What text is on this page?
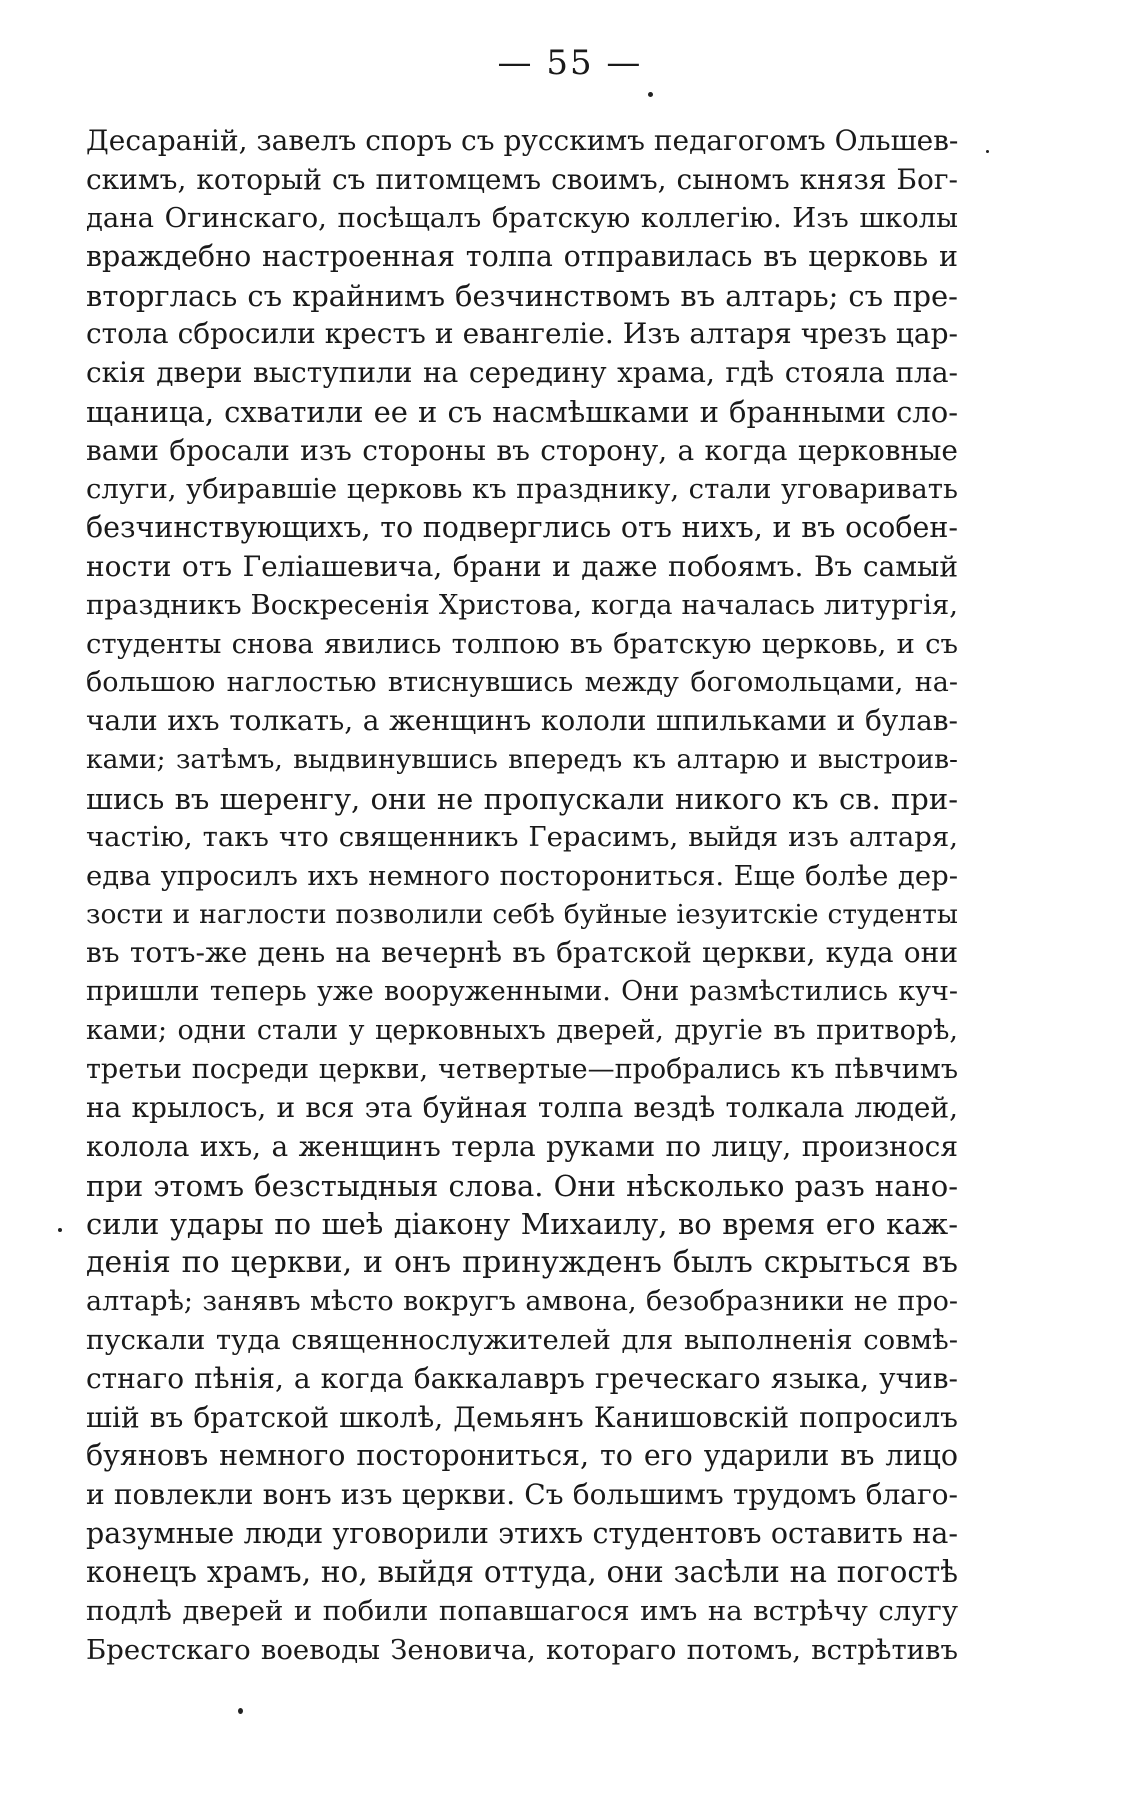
— 55 —
Десараній, завелъ споръ съ русскимъ педагогомъ Ольшев-
скимъ, который съ питомцемъ своимъ, сыномъ князя Бог-
дана Огинскаго, посѣщалъ братскую коллегію. Изъ школы
враждебно настроенная толпа отправилась въ церковь и
вторглась съ крайнимъ безчинствомъ въ алтарь; съ пре-
стола сбросили крестъ и евангеліе. Изъ алтаря чрезъ цар-
скія двери выступили на середину храма, гдѣ стояла пла-
щаница, схватили ее и съ насмѣшками и бранными сло-
вами бросали изъ стороны въ сторону, а когда церковные
слуги, убиравшіе церковь къ празднику, стали уговаривать
безчинствующихъ, то подверглись отъ нихъ, и въ особен-
ности отъ Геліашевича, брани и даже побоямъ. Въ самый
праздникъ Воскресенія Христова, когда началась литургія,
студенты снова явились толпою въ братскую церковь, и съ
большою наглостью втиснувшись между богомольцами, на-
чали ихъ толкать, а женщинъ кололи шпильками и булав-
ками; затѣмъ, выдвинувшись впередъ къ алтарю и выстроив-
шись въ шеренгу, они не пропускали никого къ св. при-
частію, такъ что священникъ Герасимъ, выйдя изъ алтаря,
едва упросилъ ихъ немного посторониться. Еще болѣе дер-
зости и наглости позволили себѣ буйные іезуитскіе студенты
въ тотъ-же день на вечернѣ въ братской церкви, куда они
пришли теперь уже вооруженными. Они размѣстились куч-
ками; одни стали у церковныхъ дверей, другіе въ притворѣ,
третьи посреди церкви, четвертые—пробрались къ пѣвчимъ
на крылосъ, и вся эта буйная толпа вездѣ толкала людей,
колола ихъ, а женщинъ терла руками по лицу, произнося
при этомъ безстыдныя слова. Они нѣсколько разъ нано-
сили удары по шеѣ діакону Михаилу, во время его каж-
денія по церкви, и онъ принужденъ былъ скрыться въ
алтарѣ; занявъ мѣсто вокругъ амвона, безобразники не про-
пускали туда священнослужителей для выполненія совмѣ-
стнаго пѣнія, а когда баккалавръ греческаго языка, учив-
шій въ братской школѣ, Демьянъ Канишовскій попросилъ
буяновъ немного посторониться, то его ударили въ лицо
и повлекли вонъ изъ церкви. Съ большимъ трудомъ благо-
разумные люди уговорили этихъ студентовъ оставить на-
конецъ храмъ, но, выйдя оттуда, они засѣли на погостѣ
подлѣ дверей и побили попавшагося имъ на встрѣчу слугу
Брестскаго воеводы Зеновича, котораго потомъ, встрѣтивъ
